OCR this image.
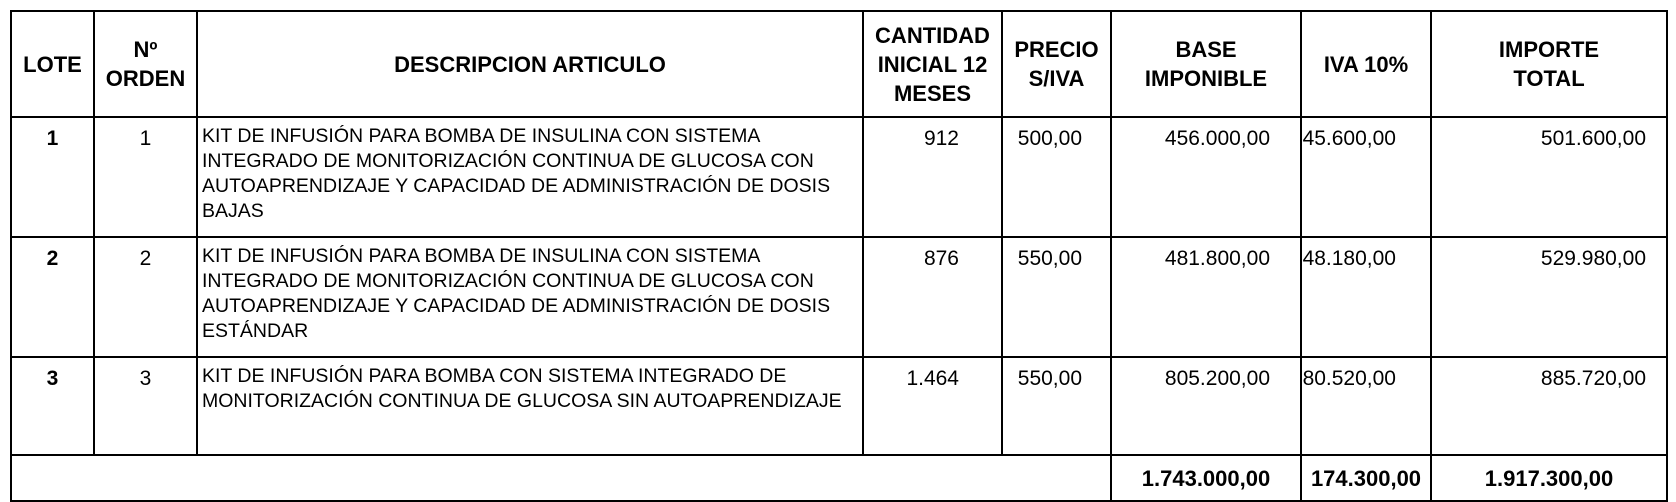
LOTE	Nº ORDEN	DESCRIPCION ARTICULO	CANTIDAD INICIAL 12 MESES	PRECIO S/IVA	BASE IMPONIBLE	IVA 10%	IMPORTE TOTAL
1	1	KIT DE INFUSIÓN PARA BOMBA DE INSULINA CON SISTEMA INTEGRADO DE MONITORIZACIÓN CONTINUA DE GLUCOSA CON AUTOAPRENDIZAJE Y CAPACIDAD DE ADMINISTRACIÓN DE DOSIS BAJAS	912	500,00	456.000,00	45.600,00	501.600,00
2	2	KIT DE INFUSIÓN PARA BOMBA DE INSULINA CON SISTEMA INTEGRADO DE MONITORIZACIÓN CONTINUA DE GLUCOSA CON AUTOAPRENDIZAJE Y CAPACIDAD DE ADMINISTRACIÓN DE DOSIS ESTÁNDAR	876	550,00	481.800,00	48.180,00	529.980,00
3	3	KIT DE INFUSIÓN PARA BOMBA CON SISTEMA INTEGRADO DE MONITORIZACIÓN CONTINUA DE GLUCOSA SIN AUTOAPRENDIZAJE	1.464	550,00	805.200,00	80.520,00	885.720,00
					1.743.000,00	174.300,00	1.917.300,00
